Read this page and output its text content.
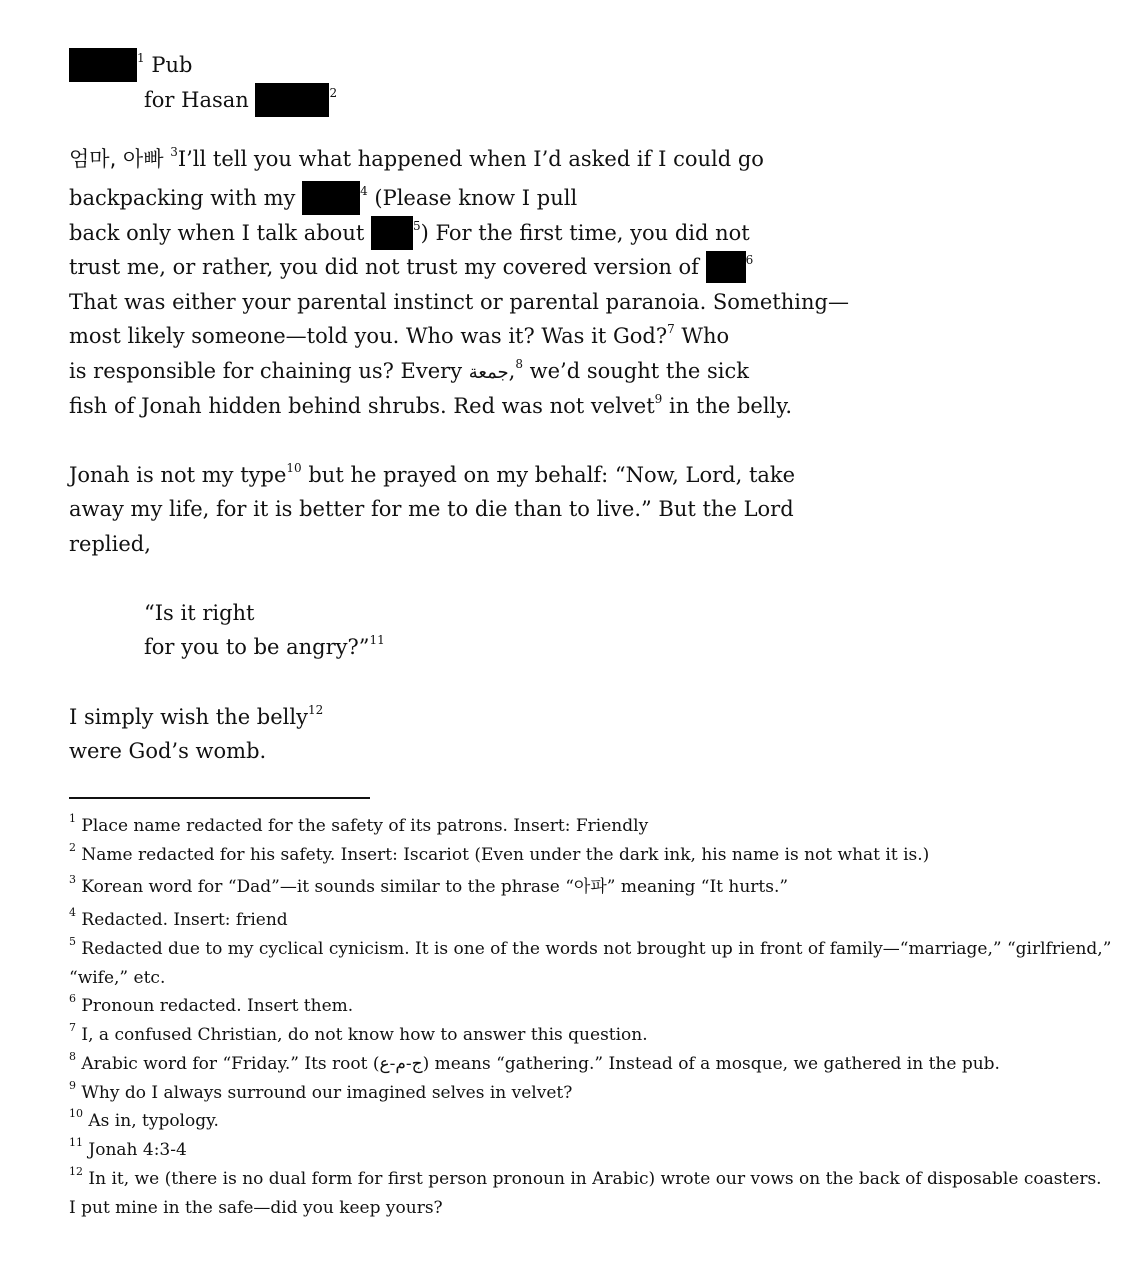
$^1$ Pub
for Hasan	$^2$
엄마, 아빠 $^3$I’ll tell you what happened when I’d asked if I could go
backpacking with my	$^4$ (Please know I pull
back only when I talk about	$^5$) For the first time, you did not
trust me, or rather, you did not trust my covered version of	$^6$
That was either your parental instinct or parental paranoia. Something—
most likely someone—told you. Who was it? Was it God?$^7$ Who
is responsible for chaining us? Every جمعة,$^8$ we’d sought the sick
fish of Jonah hidden behind shrubs. Red was not velvet$^9$ in the belly.
Jonah is not my type$^{10}$ but he prayed on my behalf: “Now, Lord, take
away my life, for it is better for me to die than to live.” But the Lord
replied,
“Is it right
for you to be angry?”$^{11}$
I simply wish the belly$^{12}$
were God’s womb.
$^1$ Place name redacted for the safety of its patrons. Insert: Friendly
$^2$ Name redacted for his safety. Insert: Iscariot (Even under the dark ink, his name is not what it is.)
$^3$ Korean word for “Dad”—it sounds similar to the phrase “아파” meaning “It hurts.”
$^4$ Redacted. Insert: friend
$^5$ Redacted due to my cyclical cynicism. It is one of the words not brought up in front of family—“marriage,” “girlfriend,”
“wife,” etc.
$^6$ Pronoun redacted. Insert them.
$^7$ I, a confused Christian, do not know how to answer this question.
$^8$ Arabic word for “Friday.” Its root (ج-م-ع) means “gathering.” Instead of a mosque, we gathered in the pub.
$^9$ Why do I always surround our imagined selves in velvet?
$^{10}$ As in, typology.
$^{11}$ Jonah 4:3-4
$^{12}$ In it, we (there is no dual form for first person pronoun in Arabic) wrote our vows on the back of disposable coasters.
I put mine in the safe—did you keep yours?
